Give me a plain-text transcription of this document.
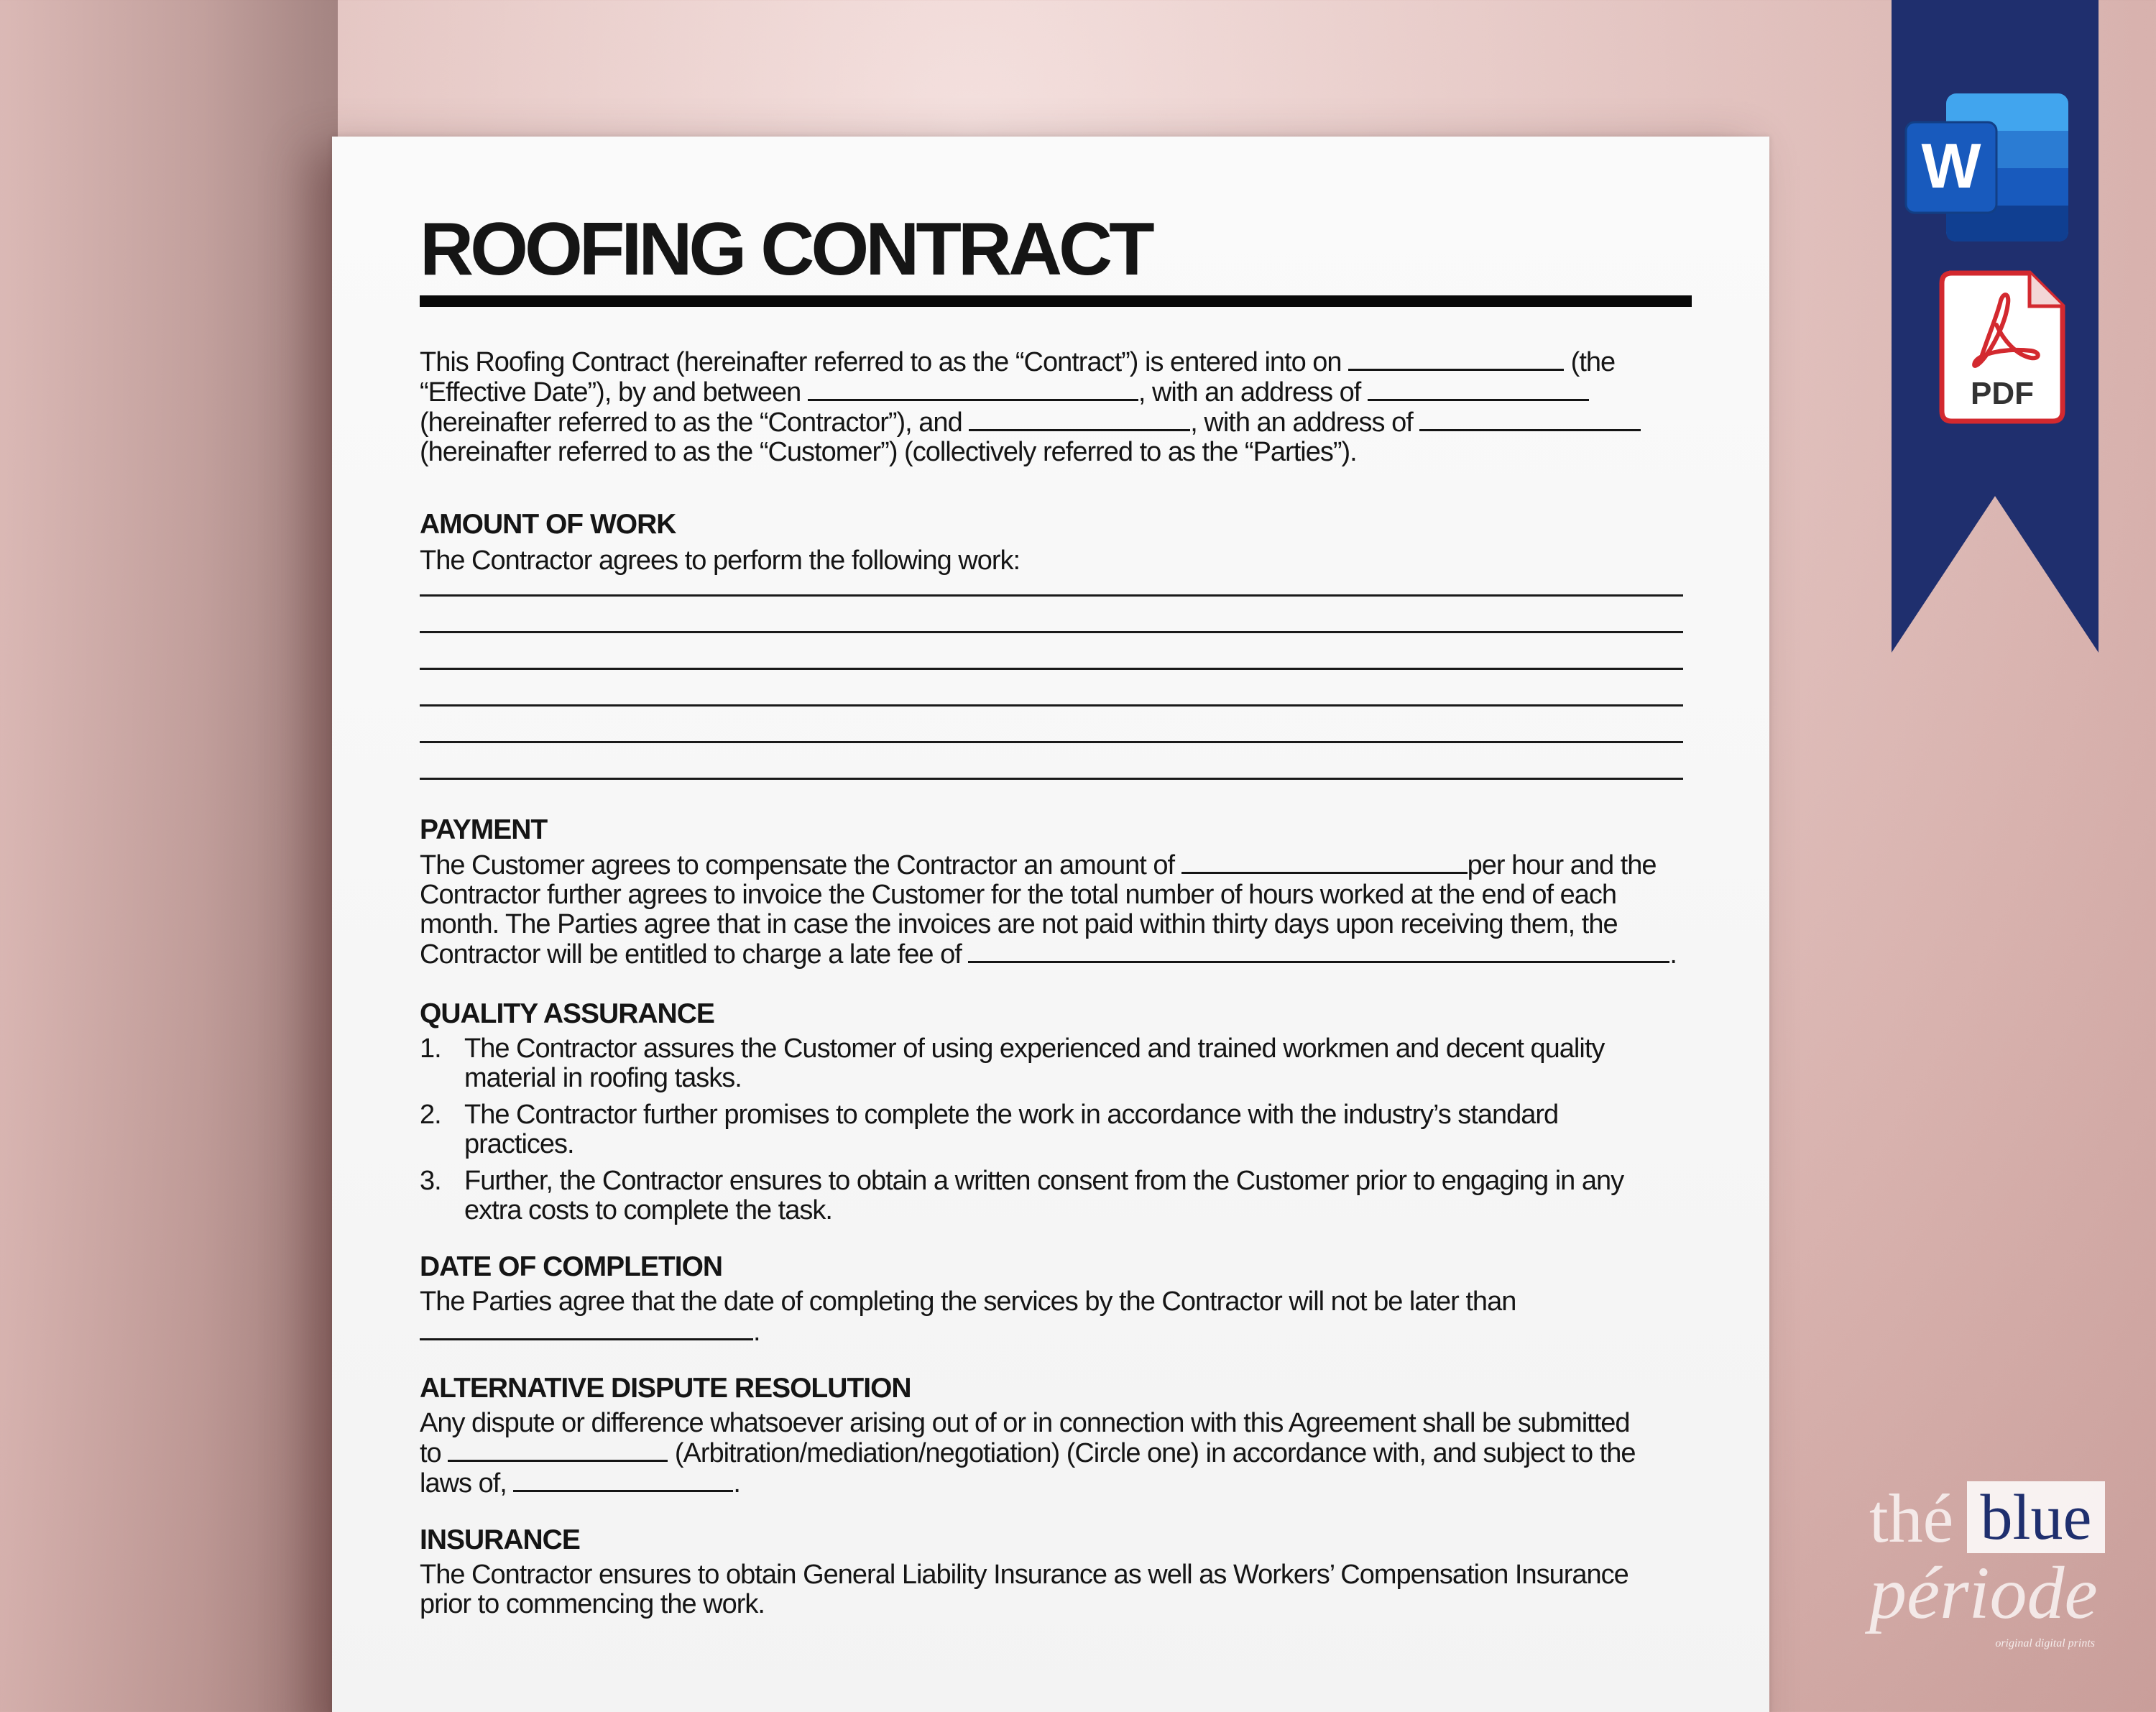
ROOFING CONTRACT

This Roofing Contract (hereinafter referred to as the “Contract”) is entered into on	(the

“Effective Date”), by and between	, with an address of

(hereinafter referred to as the “Contractor”), and	, with an address of

(hereinafter referred to as the “Customer”) (collectively referred to as the “Parties”).

AMOUNT OF WORK

The Contractor agrees to perform the following work:

PAYMENT

The Customer agrees to compensate the Contractor an amount of	per hour and the

Contractor further agrees to invoice the Customer for the total number of hours worked at the end of each

month. The Parties agree that in case the invoices are not paid within thirty days upon receiving them, the

Contractor will be entitled to charge a late fee of	.

QUALITY ASSURANCE
1. The Contractor assures the Customer of using experienced and trained workmen and decent quality
material in roofing tasks.
2. The Contractor further promises to complete the work in accordance with the industry’s standard
practices.
3. Further, the Contractor ensures to obtain a written consent from the Customer prior to engaging in any
extra costs to complete the task.
DATE OF COMPLETION

The Parties agree that the date of completing the services by the Contractor will not be later than

.

ALTERNATIVE DISPUTE RESOLUTION

Any dispute or difference whatsoever arising out of or in connection with this Agreement shall be submitted

to	(Arbitration/mediation/negotiation) (Circle one) in accordance with, and subject to the

laws of,	.

INSURANCE

The Contractor ensures to obtain General Liability Insurance as well as Workers’ Compensation Insurance

prior to commencing the work.

W
PDF
thé blue
période
original digital prints
